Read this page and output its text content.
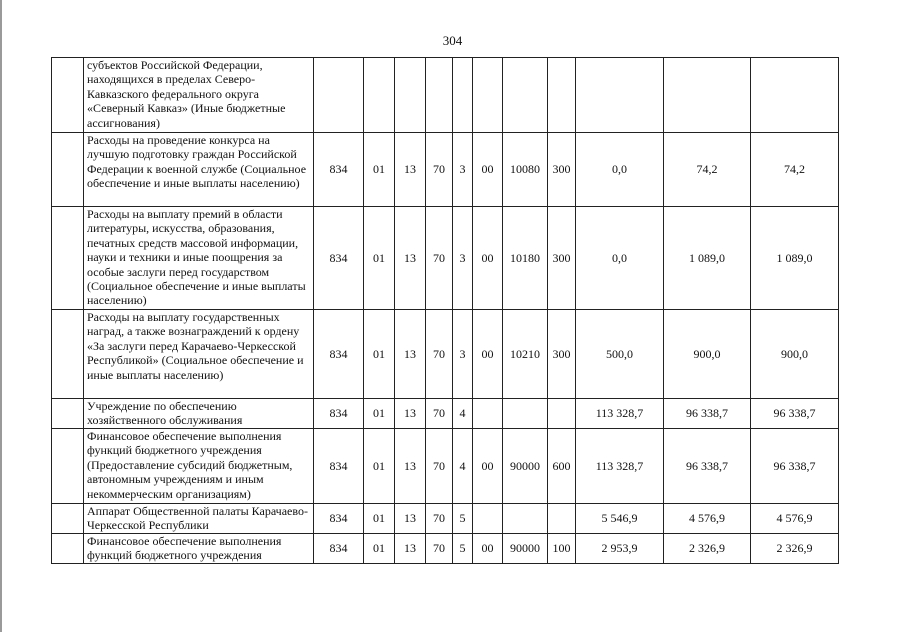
304
	субъектов Российской Федерации, находящихся в пределах Северо-Кавказского федерального округа «Северный Кавказ» (Иные бюджетные ассигнования)											
	Расходы на проведение конкурса на лучшую подготовку граждан Российской Федерации к военной службе (Социальное обеспечение и иные выплаты населению)	834	01	13	70	3	00	10080	300	0,0	74,2	74,2
	Расходы на выплату премий в области литературы, искусства, образования, печатных средств массовой информации, науки и техники и иные поощрения за особые заслуги перед государством (Социальное обеспечение и иные выплаты населению)	834	01	13	70	3	00	10180	300	0,0	1 089,0	1 089,0
	Расходы на выплату государственных наград, а также вознаграждений к ордену «За заслуги перед Карачаево-Черкесской Республикой» (Социальное обеспечение и иные выплаты населению)	834	01	13	70	3	00	10210	300	500,0	900,0	900,0
	Учреждение по обеспечению хозяйственного обслуживания	834	01	13	70	4				113 328,7	96 338,7	96 338,7
	Финансовое обеспечение выполнения функций бюджетного учреждения (Предоставление субсидий бюджетным, автономным учреждениям и иным некоммерческим организациям)	834	01	13	70	4	00	90000	600	113 328,7	96 338,7	96 338,7
	Аппарат Общественной палаты Карачаево-Черкесской Республики	834	01	13	70	5				5 546,9	4 576,9	4 576,9
	Финансовое обеспечение выполнения функций бюджетного учреждения	834	01	13	70	5	00	90000	100	2 953,9	2 326,9	2 326,9
